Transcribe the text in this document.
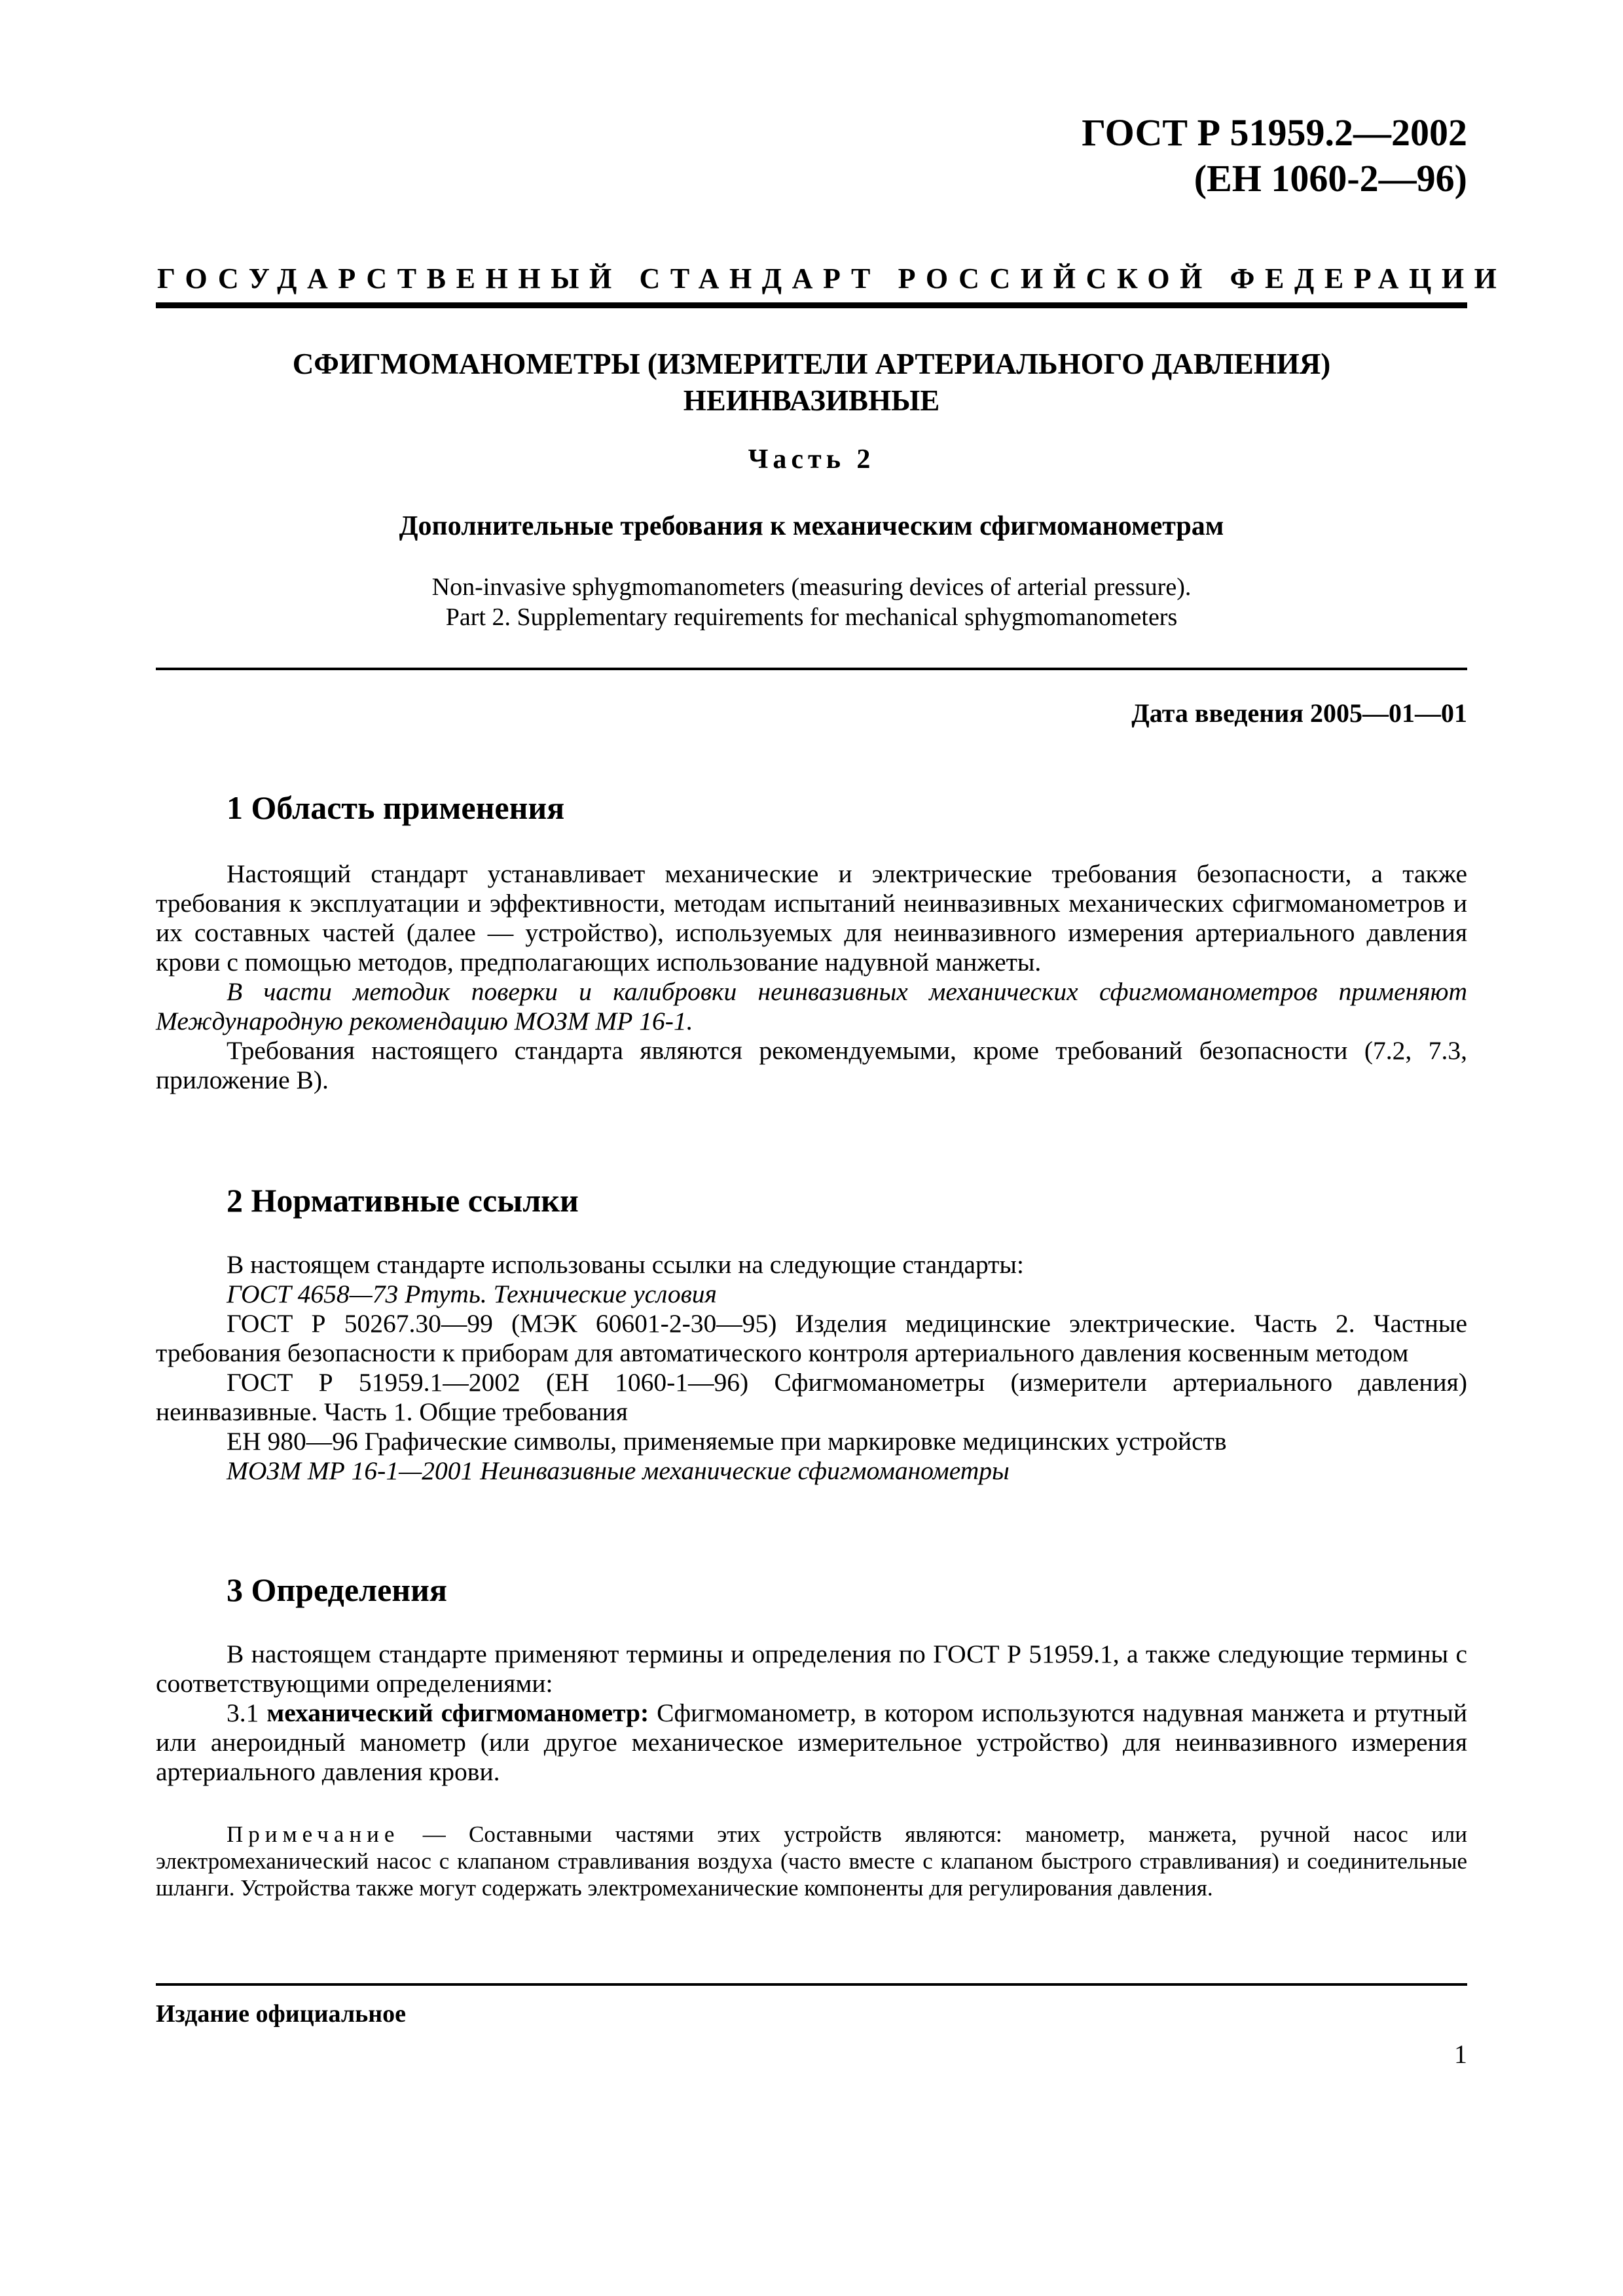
ГОСТ Р 51959.2—2002
(ЕН 1060-2—96)
ГОСУДАРСТВЕННЫЙ СТАНДАРТ РОССИЙСКОЙ ФЕДЕРАЦИИ
СФИГМОМАНОМЕТРЫ (ИЗМЕРИТЕЛИ АРТЕРИАЛЬНОГО ДАВЛЕНИЯ)
НЕИНВАЗИВНЫЕ
Часть 2
Дополнительные требования к механическим сфигмоманометрам
Non-invasive sphygmomanometers (measuring devices of arterial pressure).
Part 2. Supplementary requirements for mechanical sphygmomanometers
Дата введения 2005—01—01
1 Область применения

Настоящий стандарт устанавливает механические и электрические требования безопасности, а также требования к эксплуатации и эффективности, методам испытаний неинвазивных механических сфигмоманометров и их составных частей (далее — устройство), используемых для неинвазивного измерения артериального давления крови с помощью методов, предполагающих использование надувной манжеты.

В части методик поверки и калибровки неинвазивных механических сфигмоманометров применяют Международную рекомендацию МОЗМ МР 16-1.

Требования настоящего стандарта являются рекомендуемыми, кроме требований безопасности (7.2, 7.3, приложение В).

2 Нормативные ссылки

В настоящем стандарте использованы ссылки на следующие стандарты:

ГОСТ 4658—73 Ртуть. Технические условия

ГОСТ Р 50267.30—99 (МЭК 60601-2-30—95) Изделия медицинские электрические. Часть 2. Частные требования безопасности к приборам для автоматического контроля артериального давления косвенным методом

ГОСТ Р 51959.1—2002 (ЕН 1060-1—96) Сфигмоманометры (измерители артериального давления) неинвазивные. Часть 1. Общие требования

ЕН 980—96 Графические символы, применяемые при маркировке медицинских устройств

МОЗМ МР 16-1—2001 Неинвазивные механические сфигмоманометры

3 Определения

В настоящем стандарте применяют термины и определения по ГОСТ Р 51959.1, а также следующие термины с соответствующими определениями:

3.1 механический сфигмоманометр: Сфигмоманометр, в котором используются надувная манжета и ртутный или анероидный манометр (или другое механическое измерительное устройство) для неинвазивного измерения артериального давления крови.

Примечание — Составными частями этих устройств являются: манометр, манжета, ручной насос или электромеханический насос с клапаном стравливания воздуха (часто вместе с клапаном быстрого стравливания) и соединительные шланги. Устройства также могут содержать электромеханические компоненты для регулирования давления.

Издание официальное
1
